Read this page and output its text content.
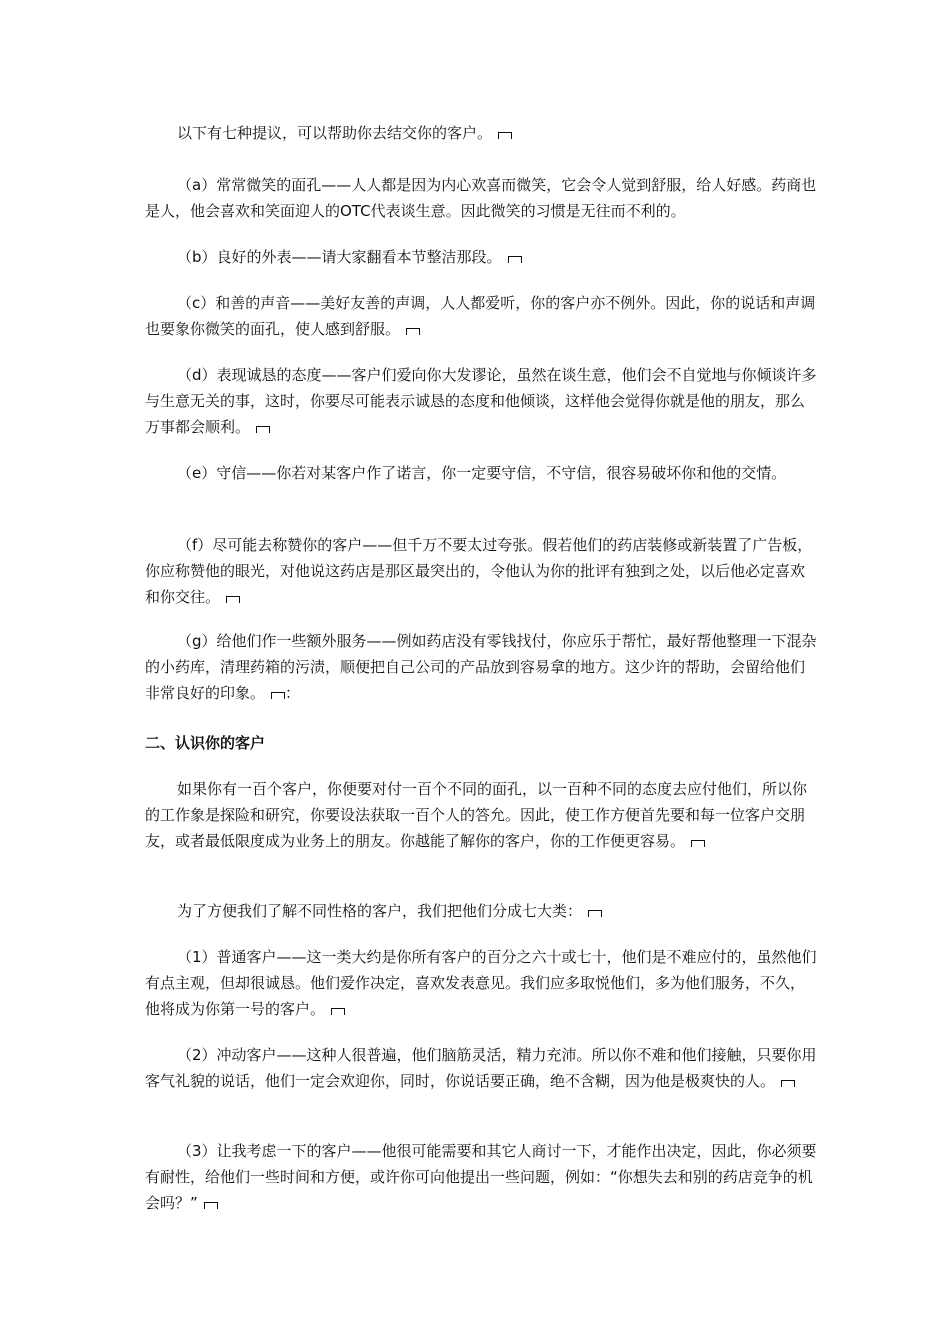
以下有七种提议，可以帮助你去结交你的客户。

（a）常常微笑的面孔——人人都是因为内心欢喜而微笑，它会令人觉到舒服，给人好感。药商也是人，他会喜欢和笑面迎人的OTC代表谈生意。因此微笑的习惯是无往而不利的。

（b）良好的外表——请大家翻看本节整洁那段。

（c）和善的声音——美好友善的声调，人人都爱听，你的客户亦不例外。因此，你的说话和声调也要象你微笑的面孔，使人感到舒服。

（d）表现诚恳的态度——客户们爱向你大发谬论，虽然在谈生意，他们会不自觉地与你倾谈许多与生意无关的事，这时，你要尽可能表示诚恳的态度和他倾谈，这样他会觉得你就是他的朋友，那么万事都会顺利。

（e）守信——你若对某客户作了诺言，你一定要守信，不守信，很容易破坏你和他的交情。

（f）尽可能去称赞你的客户——但千万不要太过夸张。假若他们的药店装修或新装置了广告板，你应称赞他的眼光，对他说这药店是那区最突出的，令他认为你的批评有独到之处，以后他必定喜欢和你交往。

（g）给他们作一些额外服务——例如药店没有零钱找付，你应乐于帮忙，最好帮他整理一下混杂的小药库，清理药箱的污渍，顺便把自己公司的产品放到容易拿的地方。这少许的帮助，会留给他们非常良好的印象。 ：

二、认识你的客户

如果你有一百个客户，你便要对付一百个不同的面孔，以一百种不同的态度去应付他们，所以你的工作象是探险和研究，你要设法获取一百个人的答允。因此，使工作方便首先要和每一位客户交朋友，或者最低限度成为业务上的朋友。你越能了解你的客户，你的工作便更容易。

为了方便我们了解不同性格的客户，我们把他们分成七大类：

（1）普通客户——这一类大约是你所有客户的百分之六十或七十，他们是不难应付的，虽然他们有点主观，但却很诚恳。他们爱作决定，喜欢发表意见。我们应多取悦他们，多为他们服务，不久，他将成为你第一号的客户。

（2）冲动客户——这种人很普遍，他们脑筋灵活，精力充沛。所以你不难和他们接触，只要你用客气礼貌的说话，他们一定会欢迎你，同时，你说话要正确，绝不含糊，因为他是极爽快的人。

（3）让我考虑一下的客户——他很可能需要和其它人商讨一下，才能作出决定，因此，你必须要有耐性，给他们一些时间和方便，或许你可向他提出一些问题，例如：“你想失去和别的药店竞争的机会吗？”
